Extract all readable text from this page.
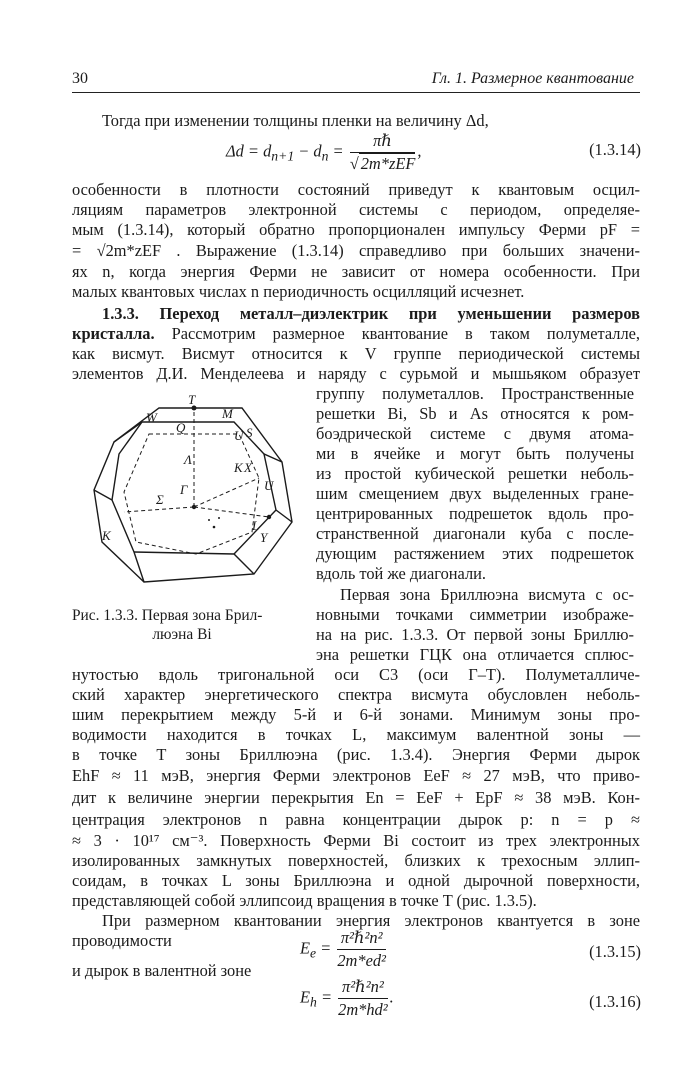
30	Гл. 1. Размерное квантование
Тогда при изменении толщины пленки на величину Δd,
$\Delta d = d_{n+1} - d_n = \frac{\text{πℏ}}{\text{√ 2m*zEF}}$ ,	(1.3.14)
особенности в плотности состояний приведут к квантовым осцил-
ляциям параметров электронной системы с периодом, определяе-
мым (1.3.14), который обратно пропорционален импульсу Ферми pF =
= √2m*zEF . Выражение (1.3.14) справедливо при больших значени-
ях n, когда энергия Ферми не зависит от номера особенности. При
малых квантовых числах n периодичность осцилляций исчезнет.
1.3.3. Переход металл–диэлектрик при уменьшении размеров
кристалла. Рассмотрим размерное квантование в таком полуметалле,
как висмут. Висмут относится к V группе периодической системы
элементов Д.И. Менделеева и наряду с сурьмой и мышьяком образует
группу полуметаллов. Пространственные
решетки Bi, Sb и As относятся к ром-
боэдрической системе с двумя атома-
ми в ячейке и могут быть получены
из простой кубической решетки неболь-
шим смещением двух выделенных гране-
центрированных подрешеток вдоль про-
странственной диагонали куба с после-
дующим растяжением этих подрешеток
вдоль той же диагонали.
Первая зона Бриллюэна висмута с ос-
новными точками симметрии изображе-
на на рис. 1.3.3. От первой зоны Бриллю-
эна решетки ГЦК она отличается сплюс-
T
W
Q
M
U S
Λ
X
K
Γ
Σ
U
K
L
Y
Рис. 1.3.3. Первая зона Брил-
люэна Bi
нутостью вдоль тригональной оси C3 (оси Γ–T). Полуметалличе-
ский характер энергетического спектра висмута обусловлен неболь-
шим перекрытием между 5-й и 6-й зонами. Минимум зоны про-
водимости находится в точках L, максимум валентной зоны —
в точке T зоны Бриллюэна (рис. 1.3.4). Энергия Ферми дырок
EhF ≈ 11 мэВ, энергия Ферми электронов EeF ≈ 27 мэВ, что приво-
дит к величине энергии перекрытия En = EeF + EpF ≈ 38 мэВ. Кон-
центрация электронов n равна концентрации дырок p: n = p ≈
≈ 3 · 10¹⁷ см⁻³. Поверхность Ферми Bi состоит из трех электронных
изолированных замкнутых поверхностей, близких к трехосным эллип-
соидам, в точках L зоны Бриллюэна и одной дырочной поверхности,
представляющей собой эллипсоид вращения в точке T (рис. 1.3.5).
При размерном квантовании энергия электронов квантуется в зоне
проводимости	$E_e = \frac{\text{π²ℏ²n²}}{\text{2m*ed²}}$	(1.3.15)
и дырок в валентной зоне
$E_h = \frac{\text{π²ℏ²n²}}{\text{2m*hd²}}$ .	(1.3.16)
